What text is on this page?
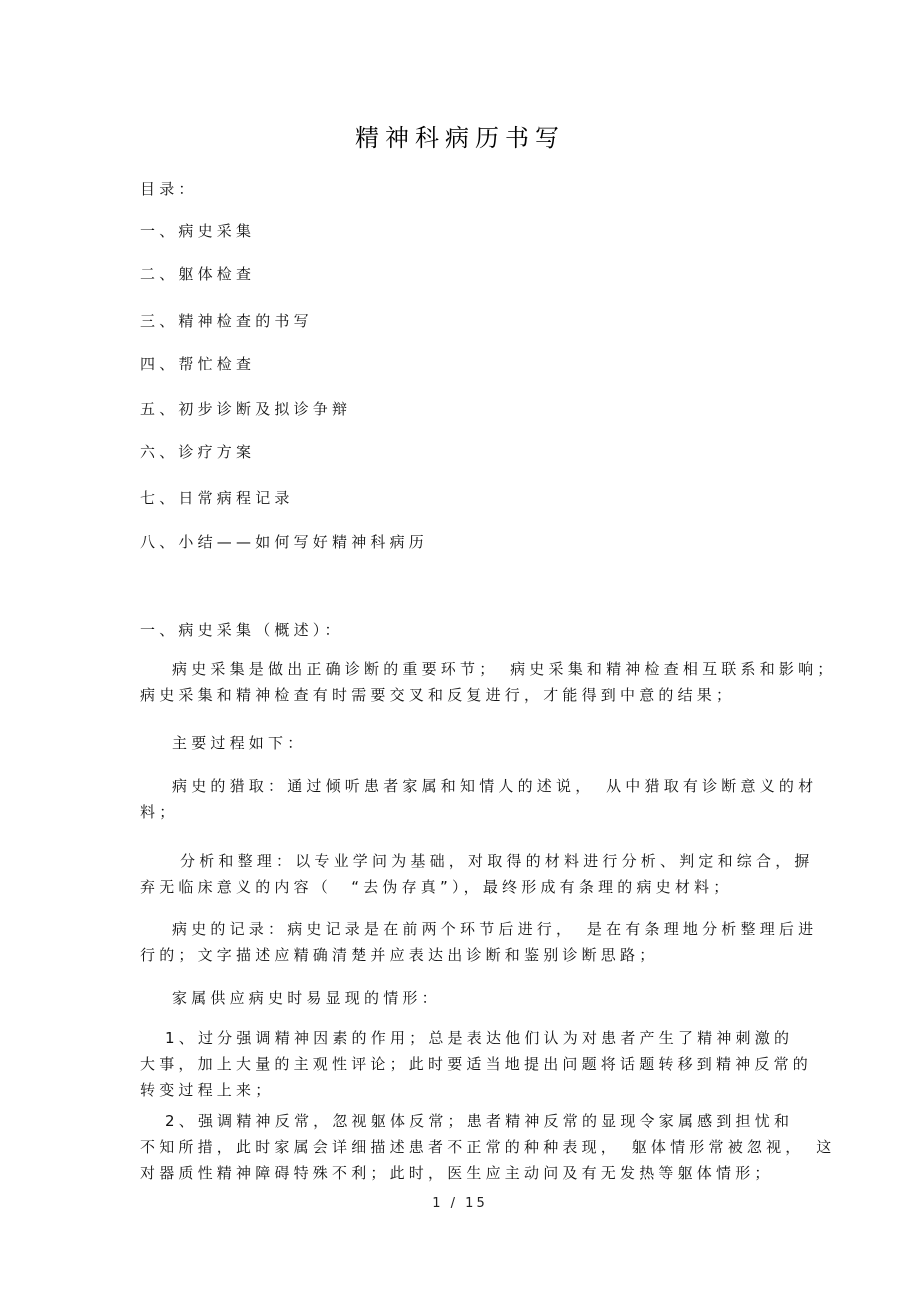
精神科病历书写
目录：
一、病史采集
二、躯体检查
三、精神检查的书写
四、帮忙检查
五、初步诊断及拟诊争辩
六、诊疗方案
七、日常病程记录
八、小结——如何写好精神科病历
一、病史采集（概述）：
病史采集是做出正确诊断的重要环节；　病史采集和精神检查相互联系和影响；
病史采集和精神检查有时需要交叉和反复进行，才能得到中意的结果；
主要过程如下：
病史的猎取：通过倾听患者家属和知情人的述说，　从中猎取有诊断意义的材
料；
分析和整理：以专业学问为基础，对取得的材料进行分析、判定和综合，摒
弃无临床意义的内容（　“去伪存真”），最终形成有条理的病史材料；
病史的记录：病史记录是在前两个环节后进行，　是在有条理地分析整理后进
行的；文字描述应精确清楚并应表达出诊断和鉴别诊断思路；
家属供应病史时易显现的情形：
1、过分强调精神因素的作用；总是表达他们认为对患者产生了精神刺激的
大事，加上大量的主观性评论；此时要适当地提出问题将话题转移到精神反常的
转变过程上来；
2、强调精神反常，忽视躯体反常；患者精神反常的显现令家属感到担忧和
不知所措，此时家属会详细描述患者不正常的种种表现，　躯体情形常被忽视，　这
对器质性精神障碍特殊不利；此时，医生应主动问及有无发热等躯体情形；
1 / 15
